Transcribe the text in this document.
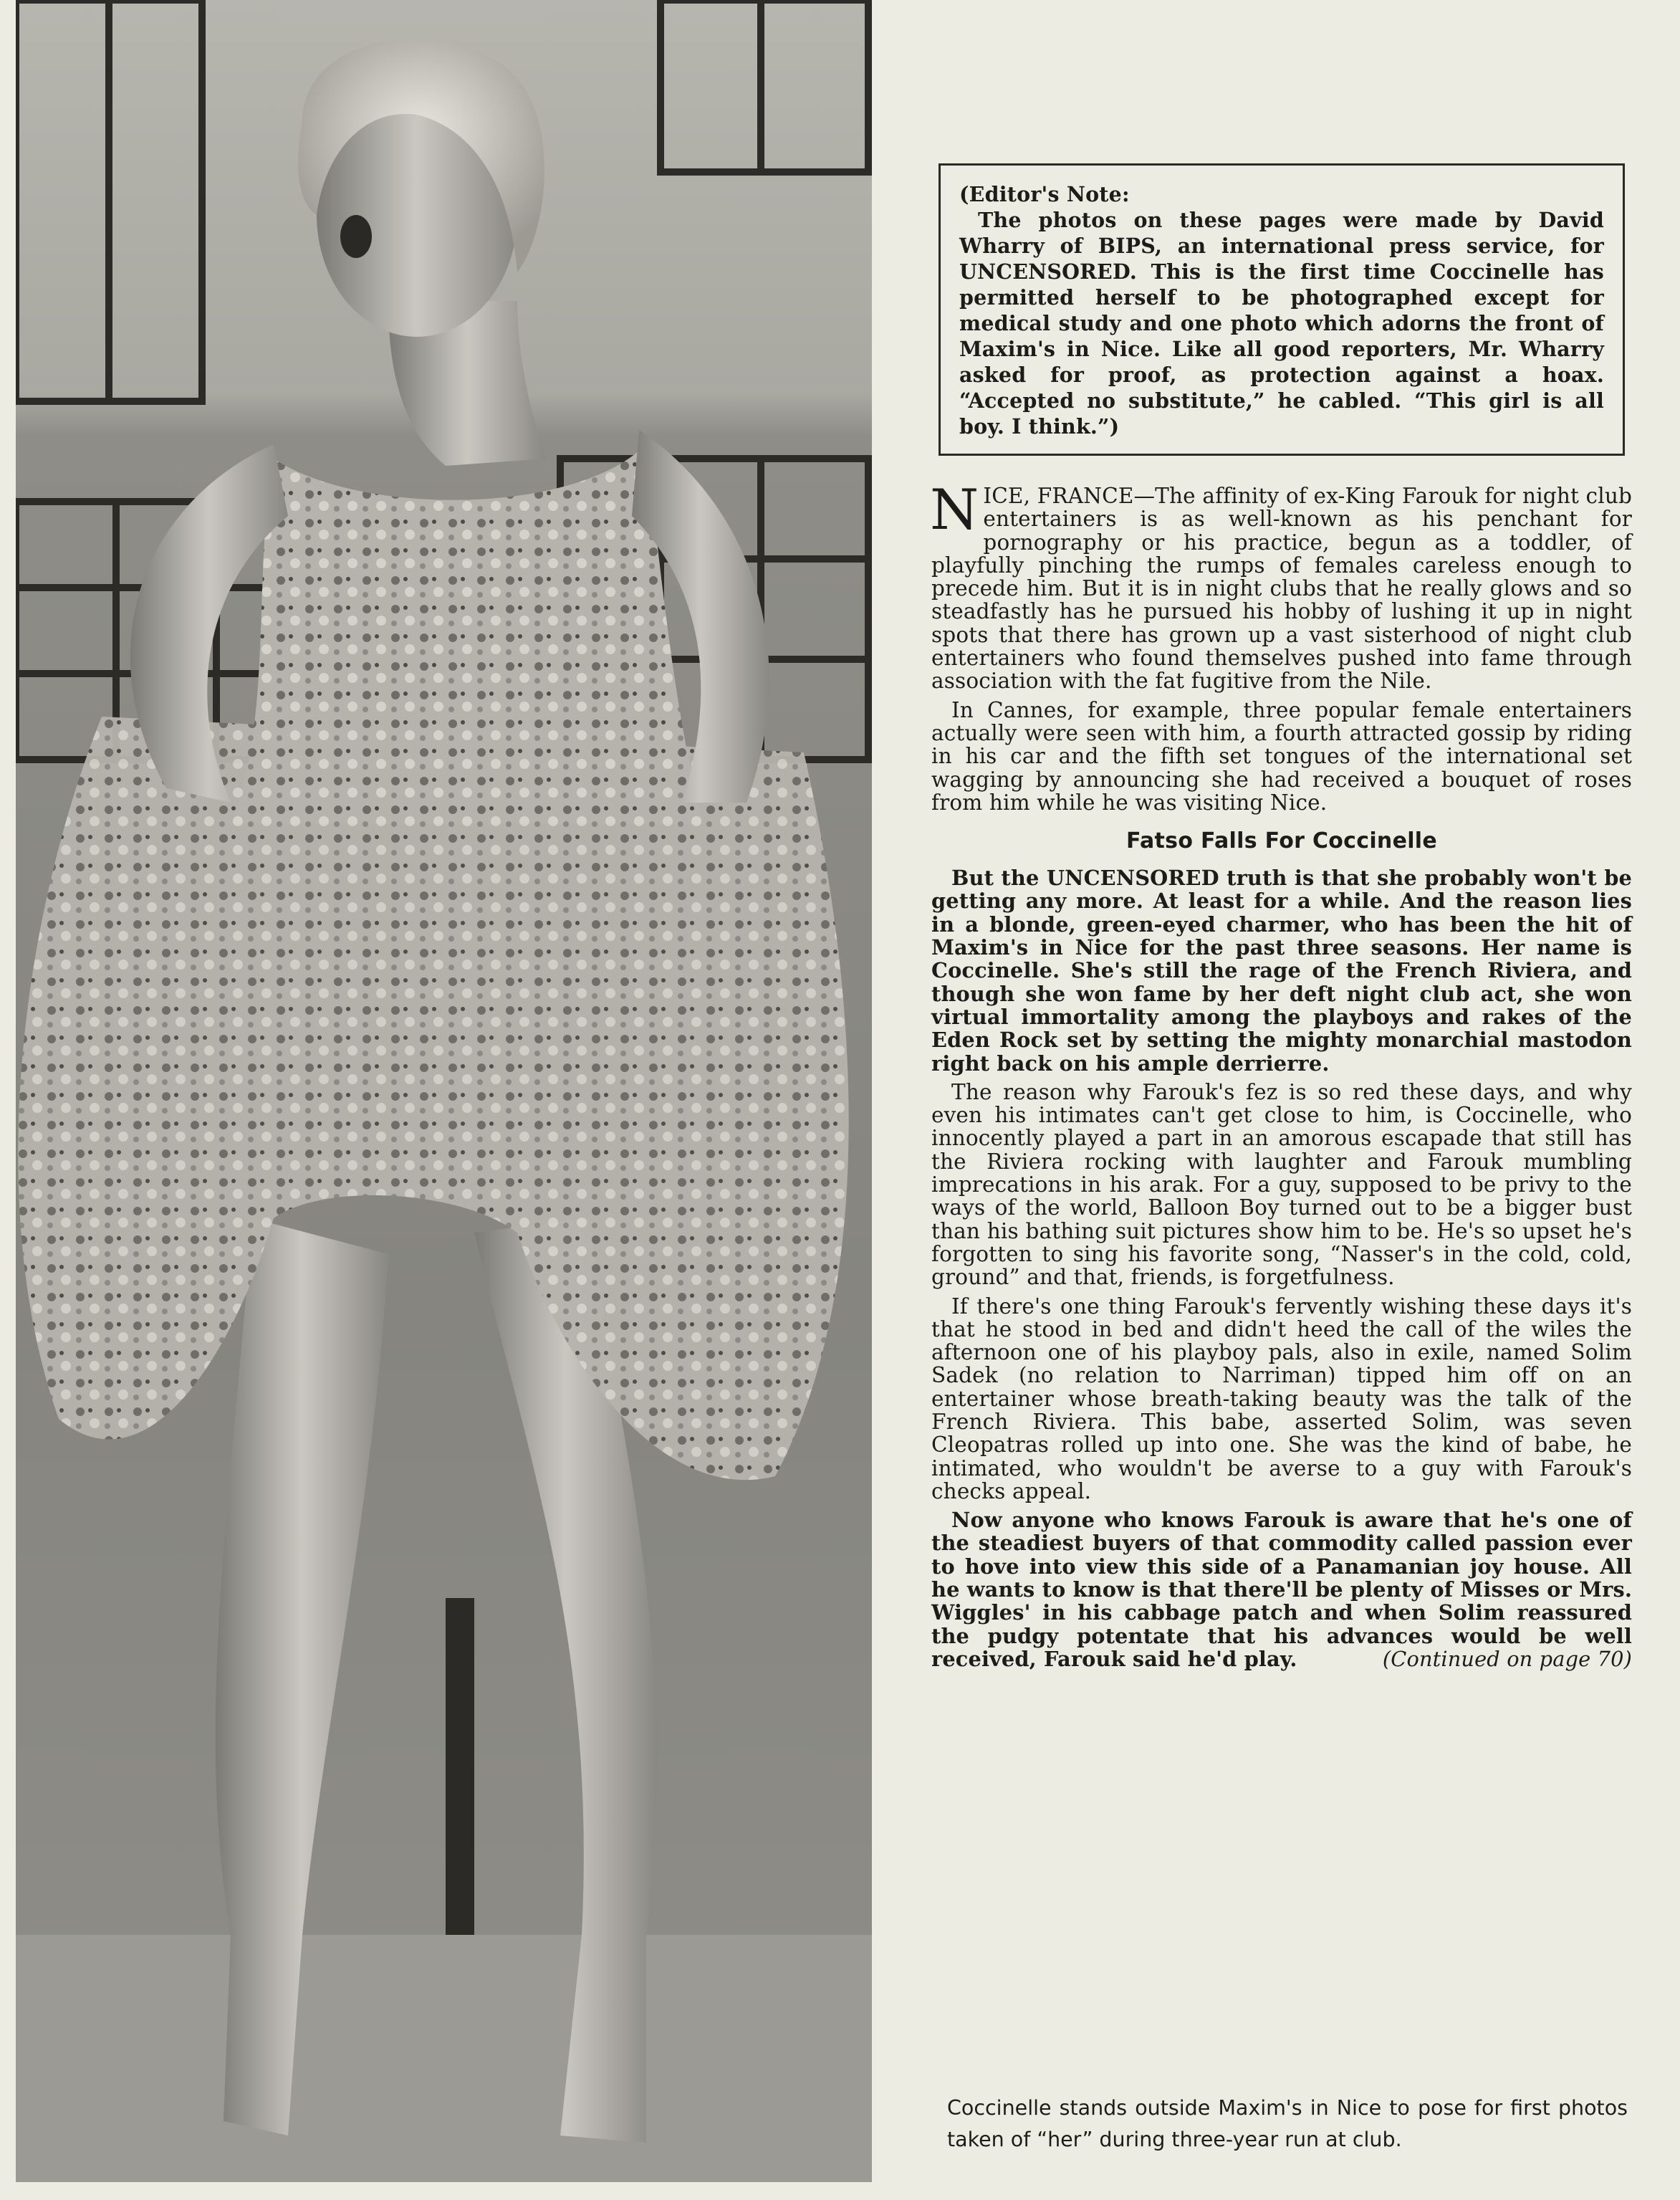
(Editor's Note:
The photos on these pages were made by David Wharry of BIPS, an international press service, for UNCENSORED. This is the first time Coccinelle has permitted herself to be photographed except for medical study and one photo which adorns the front of Maxim's in Nice. Like all good reporters, Mr. Wharry asked for proof, as protection against a hoax. “Accepted no substitute,” he cabled. “This girl is all boy. I think.”)

NICE, FRANCE—The affinity of ex-King Farouk for night club entertainers is as well-known as his penchant for pornography or his practice, begun as a toddler, of playfully pinching the rumps of females careless enough to precede him. But it is in night clubs that he really glows and so steadfastly has he pursued his hobby of lushing it up in night spots that there has grown up a vast sisterhood of night club entertainers who found themselves pushed into fame through association with the fat fugitive from the Nile.

In Cannes, for example, three popular female entertainers actually were seen with him, a fourth attracted gossip by riding in his car and the fifth set tongues of the international set wagging by announcing she had received a bouquet of roses from him while he was visiting Nice.

Fatso Falls For Coccinelle

But the UNCENSORED truth is that she probably won't be getting any more. At least for a while. And the reason lies in a blonde, green-eyed charmer, who has been the hit of Maxim's in Nice for the past three seasons. Her name is Coccinelle. She's still the rage of the French Riviera, and though she won fame by her deft night club act, she won virtual immortality among the playboys and rakes of the Eden Rock set by setting the mighty monarchial mastodon right back on his ample derrierre.

The reason why Farouk's fez is so red these days, and why even his intimates can't get close to him, is Coccinelle, who innocently played a part in an amorous escapade that still has the Riviera rocking with laughter and Farouk mumbling imprecations in his arak. For a guy, supposed to be privy to the ways of the world, Balloon Boy turned out to be a bigger bust than his bathing suit pictures show him to be. He's so upset he's forgotten to sing his favorite song, “Nasser's in the cold, cold, ground” and that, friends, is forgetfulness.

If there's one thing Farouk's fervently wishing these days it's that he stood in bed and didn't heed the call of the wiles the afternoon one of his playboy pals, also in exile, named Solim Sadek (no relation to Narriman) tipped him off on an entertainer whose breath-taking beauty was the talk of the French Riviera. This babe, asserted Solim, was seven Cleopatras rolled up into one. She was the kind of babe, he intimated, who wouldn't be averse to a guy with Farouk's checks appeal.

Now anyone who knows Farouk is aware that he's one of the steadiest buyers of that commodity called passion ever to hove into view this side of a Panamanian joy house. All he wants to know is that there'll be plenty of Misses or Mrs. Wiggles' in his cabbage patch and when Solim reassured the pudgy potentate that his advances would be well received, Farouk said he'd play.	(Continued on page 70)

Coccinelle stands outside Maxim's in Nice to pose for first photos taken of “her” during three-year run at club.
